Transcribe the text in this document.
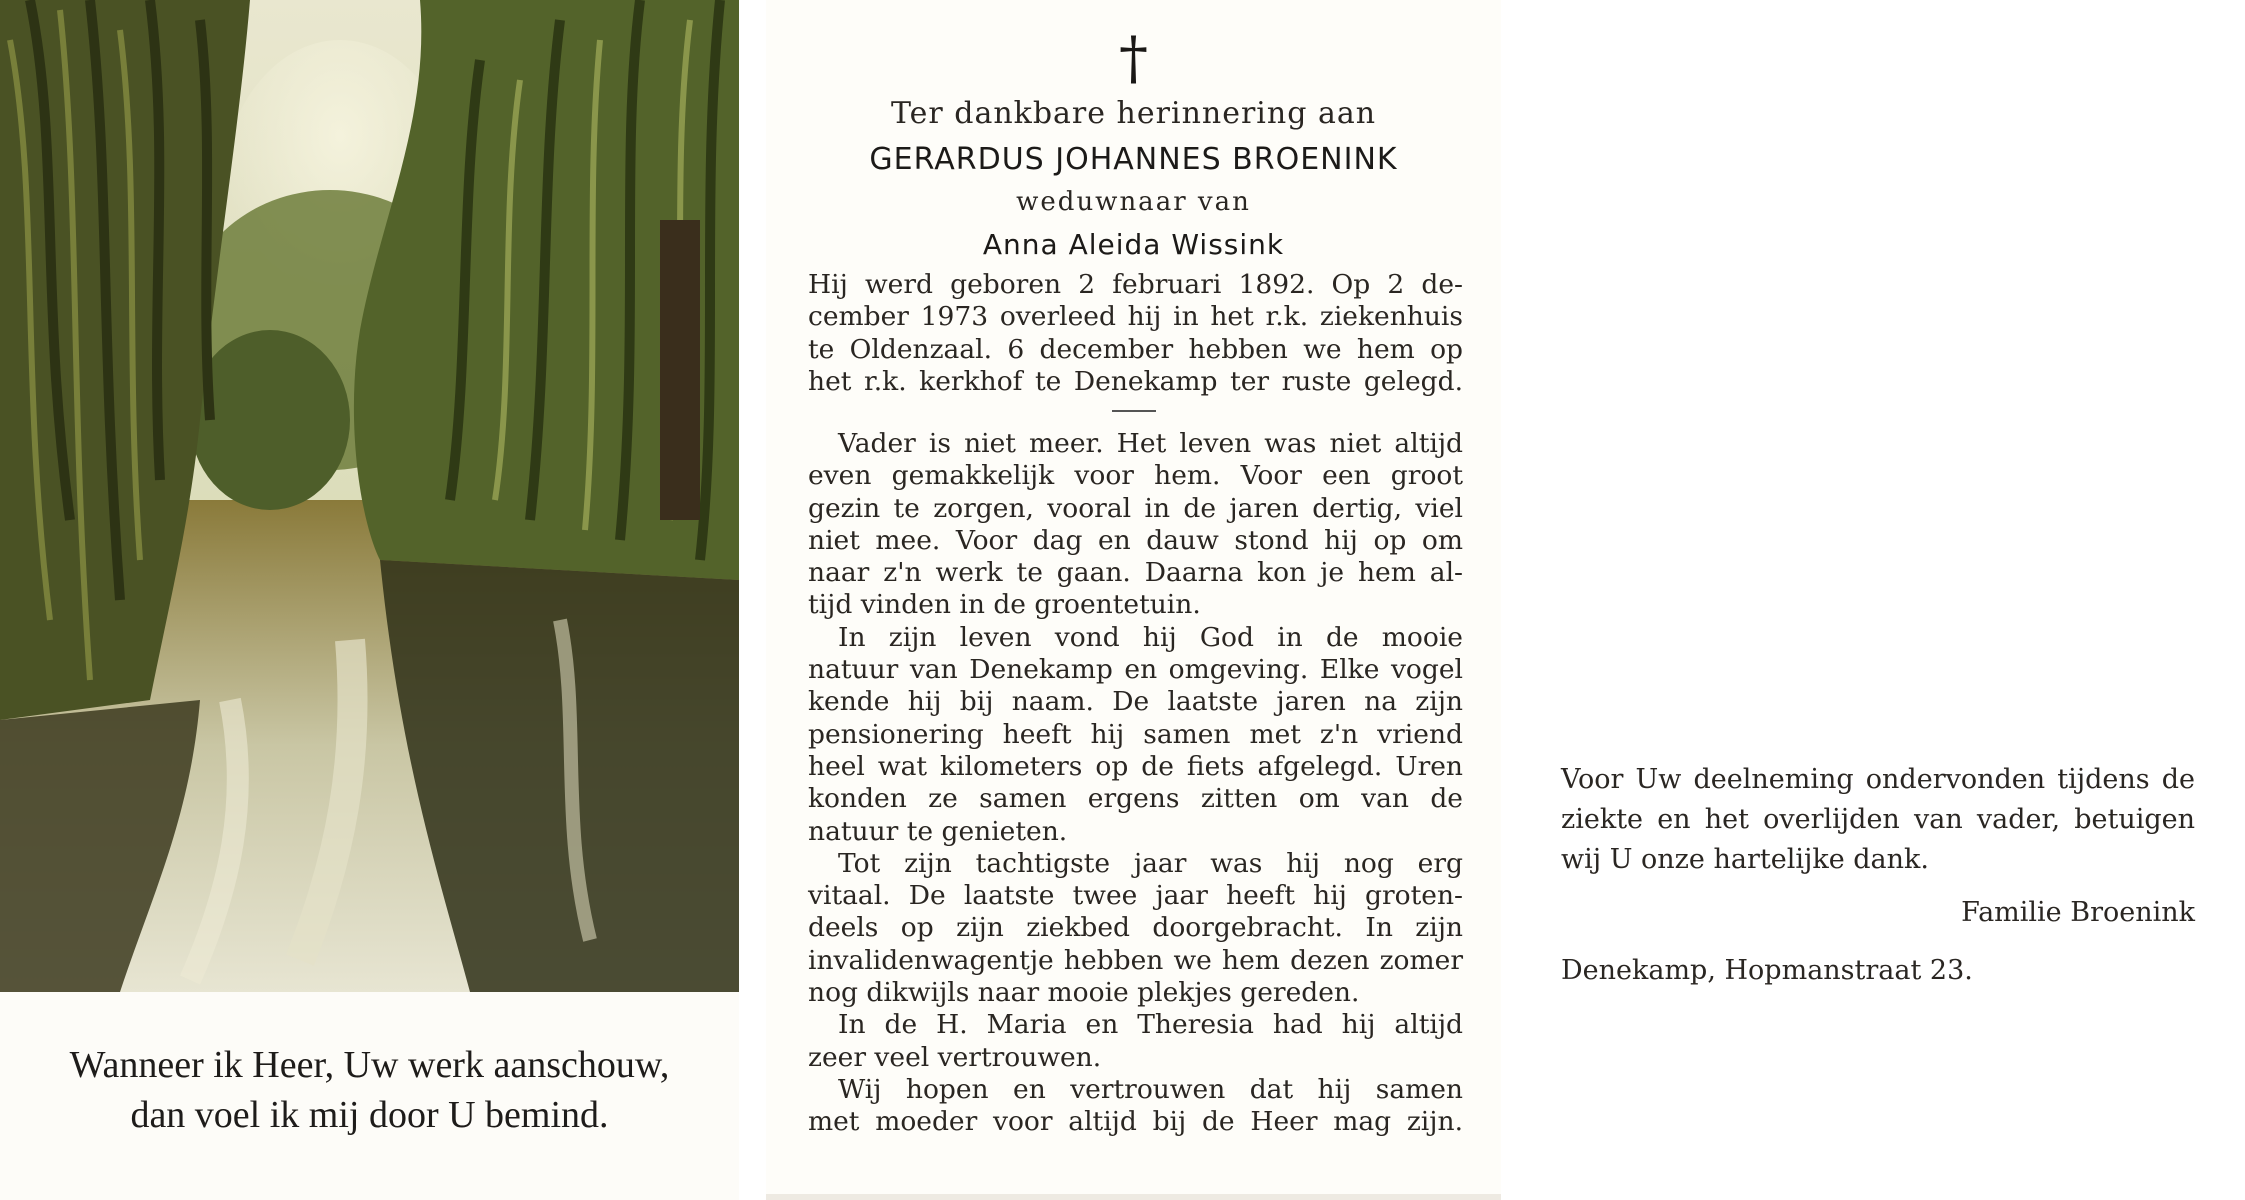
Wanneer ik Heer, Uw werk aanschouw,
dan voel ik mij door U bemind.
†
Ter dankbare herinnering aan
GERARDUS JOHANNES BROENINK
weduwnaar van
Anna Aleida Wissink
Hij werd geboren 2 februari 1892. Op 2 de-
cember 1973 overleed hij in het r.k. ziekenhuis
te Oldenzaal. 6 december hebben we hem op
het r.k. kerkhof te Denekamp ter ruste gelegd.
Vader is niet meer. Het leven was niet altijd
even gemakkelijk voor hem. Voor een groot
gezin te zorgen, vooral in de jaren dertig, viel
niet mee. Voor dag en dauw stond hij op om
naar z'n werk te gaan. Daarna kon je hem al-
tijd vinden in de groentetuin.
In zijn leven vond hij God in de mooie
natuur van Denekamp en omgeving. Elke vogel
kende hij bij naam. De laatste jaren na zijn
pensionering heeft hij samen met z'n vriend
heel wat kilometers op de fiets afgelegd. Uren
konden ze samen ergens zitten om van de
natuur te genieten.
Tot zijn tachtigste jaar was hij nog erg
vitaal. De laatste twee jaar heeft hij groten-
deels op zijn ziekbed doorgebracht. In zijn
invalidenwagentje hebben we hem dezen zomer
nog dikwijls naar mooie plekjes gereden.
In de H. Maria en Theresia had hij altijd
zeer veel vertrouwen.
Wij hopen en vertrouwen dat hij samen
met moeder voor altijd bij de Heer mag zijn.
Voor Uw deelneming ondervonden tijdens de
ziekte en het overlijden van vader, betuigen
wij U onze hartelijke dank.
Familie Broenink
Denekamp, Hopmanstraat 23.
